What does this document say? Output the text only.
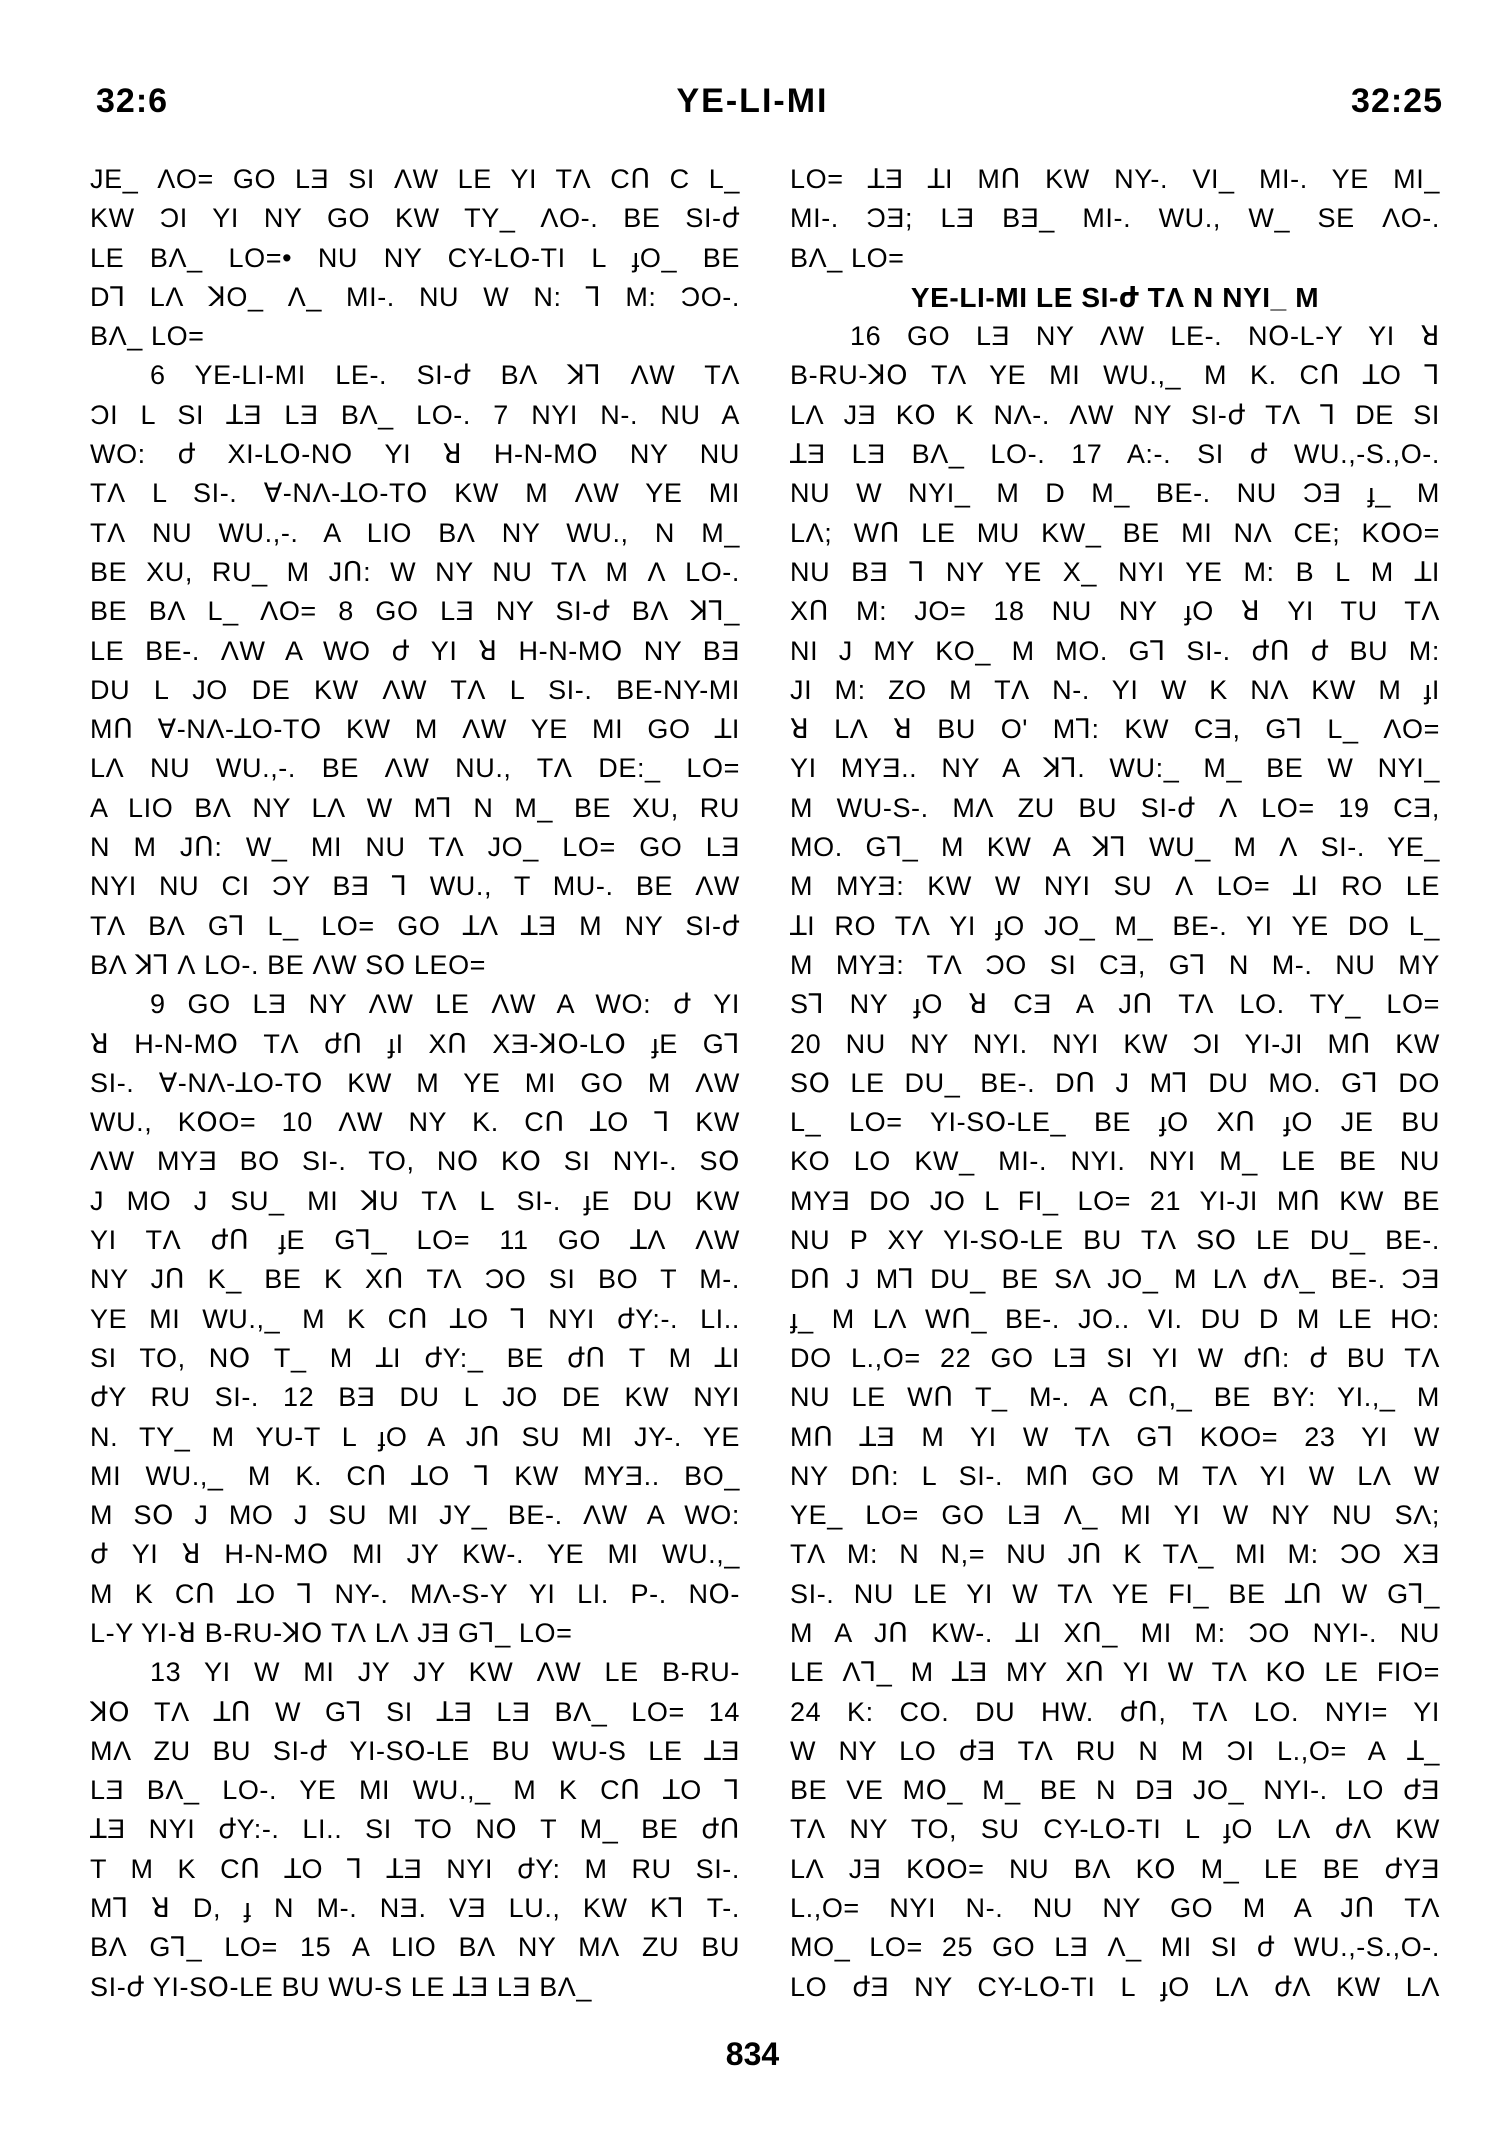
YE-LI-MI
32:6	32:25
JE_ ɅO= GO LƎ SI ɅW LE YI TɅ CՈ C L_
KW ƆI YI NY GO KW TY_ ɅO-. BE SI-ժ
LE BɅ_ LO=• NU NY CY-LՕ-TI L ɟO_ BE
Dꓶ LɅ ꓘO_ Ʌ_ MI-. NU W N: ꓶ M: ƆO-.
BɅ_ LO=
6 YE-LI-MI LE-. SI-ժ BɅ ꓘꓶ ɅW TɅ
ƆI L SI ꓕƎ LƎ BɅ_ LO-. 7 NYI N-. NU A
WO: ժ XI-LՕ-NՕ YI ꓤ H-N-MՕ NY NU
TɅ L SI-. Ɐ-NɅ-ꓕO-TՕ KW M ɅW YE MI
TɅ NU WU.,-. A LIO BɅ NY WU., N M_
BE XU, RU_ M JՈ: W NY NU TɅ M Ʌ LO-.
BE BɅ L_ ɅO= 8 GO LƎ NY SI-ժ BɅ ꓘꓶ_
LE BE-. ɅW A WO ժ YI ꓤ H-N-MՕ NY BƎ
DU L JO DE KW ɅW TɅ L SI-. BE-NY-MI
MՈ Ɐ-NɅ-ꓕO-TՕ KW M ɅW YE MI GO ꓕI
LɅ NU WU.,-. BE ɅW NU., TɅ DE:_ LO=
A LIO BɅ NY LɅ W Mꓶ N M_ BE XU, RU
N M JՈ: W_ MI NU TɅ JO_ LO= GO LƎ
NYI NU CI ƆY BƎ ꓶ WU., T MU-. BE ɅW
TɅ BɅ Gꓶ L_ LO= GO ꓕɅ ꓕƎ M NY SI-ժ
BɅ ꓘꓶ Ʌ LO-. BE ɅW SՕ LEO=
9 GO LƎ NY ɅW LE ɅW A WO: ժ YI
ꓤ H-N-MՕ TɅ ժՈ ɟI XՈ XƎ-ꓘՕ-LՕ ɟE Gꓶ
SI-. Ɐ-NɅ-ꓕO-TՕ KW M YE MI GO M ɅW
WU., KՕO= 10 ɅW NY K. CՈ ꓕO ꓶ KW
ɅW MYƎ BO SI-. TO, NՕ KՕ SI NYI-. SՕ
J MO J SU_ MI ꓘU TɅ L SI-. ɟE DU KW
YI TɅ ժՈ ɟE Gꓶ_ LO= 11 GO ꓕɅ ɅW
NY JՈ K_ BE K XՈ TɅ ƆO SI BO T M-.
YE MI WU.,_ M K CՈ ꓕO ꓶ NYI ժY:-. LI..
SI TO, NՕ T_ M ꓕI ժY:_ BE ժՈ T M ꓕI
ժY RU SI-. 12 BƎ DU L JO DE KW NYI
N. TY_ M YU-T L ɟO A JՈ SU MI JY-. YE
MI WU.,_ M K. CՈ ꓕO ꓶ KW MYƎ.. BO_
M SՕ J MO J SU MI JY_ BE-. ɅW A WO:
ժ YI ꓤ H-N-MՕ MI JY KW-. YE MI WU.,_
M K CՈ ꓕO ꓶ NY-. MɅ-S-Y YI LI. P-. NՕ-
L-Y YI-ꓤ B-RU-ꓘՕ TɅ LɅ JƎ Gꓶ_ LO=
13 YI W MI JY JY KW ɅW LE B-RU-
ꓘՕ TɅ ꓕՈ W Gꓶ SI ꓕƎ LƎ BɅ_ LO= 14
MɅ ZU BU SI-ժ YI-SՕ-LE BU WU-S LE ꓕƎ
LƎ BɅ_ LO-. YE MI WU.,_ M K CՈ ꓕO ꓶ
ꓕƎ NYI ժY:-. LI.. SI TO NՕ T M_ BE ժՈ
T M K CՈ ꓕO ꓶ ꓕƎ NYI ժY: M RU SI-.
Mꓶ ꓤ D, ɟ N M-. NƎ. VƎ LU., KW Kꓶ T-.
BɅ Gꓶ_ LO= 15 A LIO BɅ NY MɅ ZU BU
SI-ժ YI-SՕ-LE BU WU-S LE ꓕƎ LƎ BɅ_
LO= ꓕƎ ꓕI MՈ KW NY-. VI_ MI-. YE MI_
MI-. ƆƎ; LƎ BƎ_ MI-. WU., W_ SE ɅO-.
BɅ_ LO=
YE-LI-MI LE SI-ժ TɅ N NYI_ M
16 GO LƎ NY ɅW LE-. NՕ-L-Y YI ꓤ
B-RU-ꓘՕ TɅ YE MI WU.,_ M K. CՈ ꓕO ꓶ
LɅ JƎ KՕ K NɅ-. ɅW NY SI-ժ TɅ ꓶ DE SI
ꓕƎ LƎ BɅ_ LO-. 17 A:-. SI ժ WU.,-S.,O-.
NU W NYI_ M D M_ BE-. NU ƆƎ ɟ_ M
LɅ; WՈ LE MU KW_ BE MI NɅ CE; KՕO=
NU BƎ ꓶ NY YE X_ NYI YE M: B L M ꓕI
XՈ M: JO= 18 NU NY ɟO ꓤ YI TU TɅ
NI J MY KO_ M MO. Gꓶ SI-. ժՈ ժ BU M:
JI M: ZO M TɅ N-. YI W K NɅ KW M ɟI
ꓤ LɅ ꓤ BU O' Mꓶ: KW CƎ, Gꓶ L_ ɅO=
YI MYƎ.. NY A ꓘꓶ. WU:_ M_ BE W NYI_
M WU-S-. MɅ ZU BU SI-ժ Ʌ LO= 19 CƎ,
MO. Gꓶ_ M KW A ꓘꓶ WU_ M Ʌ SI-. YE_
M MYƎ: KW W NYI SU Ʌ LO= ꓕI RO LE
ꓕI RO TɅ YI ɟO JO_ M_ BE-. YI YE DO L_
M MYƎ: TɅ ƆO SI CƎ, Gꓶ N M-. NU MY
Sꓶ NY ɟO ꓤ CƎ A JՈ TɅ LO. TY_ LO=
20 NU NY NYI. NYI KW ƆI YI-JI MՈ KW
SՕ LE DU_ BE-. DՈ J Mꓶ DU MO. Gꓶ DO
L_ LO= YI-SՕ-LE_ BE ɟO XՈ ɟO JE BU
KO LO KW_ MI-. NYI. NYI M_ LE BE NU
MYƎ DO JO L FI_ LO= 21 YI-JI MՈ KW BE
NU P XY YI-SՕ-LE BU TɅ SՕ LE DU_ BE-.
DՈ J Mꓶ DU_ BE SɅ JO_ M LɅ ժɅ_ BE-. ƆƎ
ɟ_ M LɅ WՈ_ BE-. JO.. VI. DU D M LE HO:
DO L.,O= 22 GO LƎ SI YI W ժՈ: ժ BU TɅ
NU LE WՈ T_ M-. A CՈ,_ BE BY: YI.,_ M
MՈ ꓕƎ M YI W TɅ Gꓶ KՕO= 23 YI W
NY DՈ: L SI-. MՈ GO M TɅ YI W LɅ W
YE_ LO= GO LƎ Ʌ_ MI YI W NY NU SɅ;
TɅ M: N N,= NU JՈ K TɅ_ MI M: ƆO XƎ
SI-. NU LE YI W TɅ YE FI_ BE ꓕՈ W Gꓶ_
M A JՈ KW-. ꓕI XՈ_ MI M: ƆO NYI-. NU
LE Ʌꓶ_ M ꓕƎ MY XՈ YI W TɅ KՕ LE FIO=
24 K: CO. DU HW. ժՈ, TɅ LO. NYI= YI
W NY LO ժƎ TɅ RU N M ƆI L.,O= A ꓕ_
BE VE MՕ_ M_ BE N DƎ JO_ NYI-. LO ժƎ
TɅ NY TO, SU CY-LՕ-TI L ɟO LɅ ժɅ KW
LɅ JƎ KՕO= NU BɅ KՕ M_ LE BE ժYƎ
L.,O= NYI N-. NU NY GO M A JՈ TɅ
MO_ LO= 25 GO LƎ Ʌ_ MI SI ժ WU.,-S.,O-.
LO ժƎ NY CY-LՕ-TI L ɟO LɅ ժɅ KW LɅ
834
